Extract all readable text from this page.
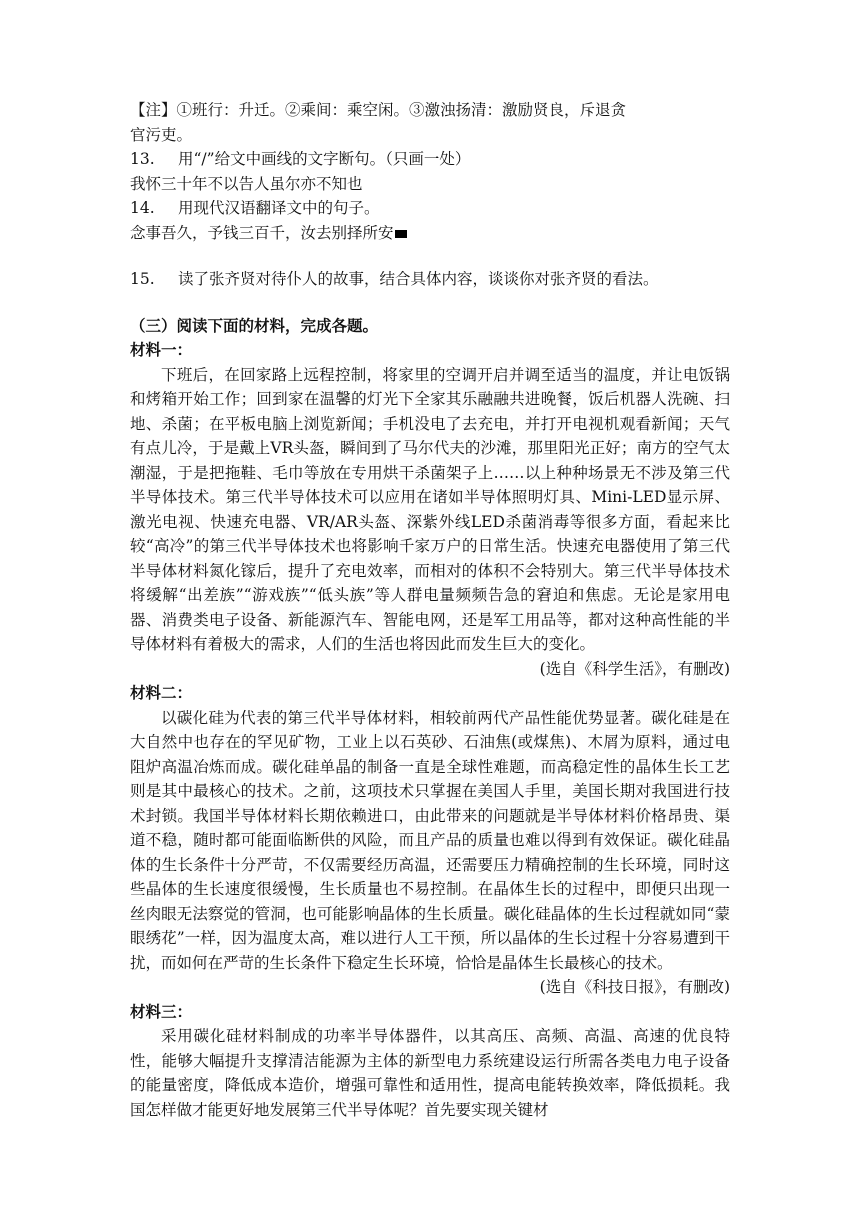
【注】①班行：升迁。②乘间：乘空闲。③激浊扬清：激励贤良，斥退贪

官污吏。

13. 用“/”给文中画线的文字断句。（只画一处）

我怀三十年不以告人虽尔亦不知也

14. 用现代汉语翻译文中的句子。

念事吾久，予钱三百千，汝去别择所安

15. 读了张齐贤对待仆人的故事，结合具体内容，谈谈你对张齐贤的看法。

（三）阅读下面的材料，完成各题。

材料一：

下班后，在回家路上远程控制，将家里的空调开启并调至适当的温度，并让电饭锅和烤箱开始工作；回到家在温馨的灯光下全家其乐融融共进晚餐，饭后机器人洗碗、扫地、杀菌；在平板电脑上浏览新闻；手机没电了去充电，并打开电视机观看新闻；天气有点儿冷，于是戴上VR头盔，瞬间到了马尔代夫的沙滩，那里阳光正好；南方的空气太潮湿，于是把拖鞋、毛巾等放在专用烘干杀菌架子上……以上种种场景无不涉及第三代半导体技术。第三代半导体技术可以应用在诸如半导体照明灯具、Mini-LED显示屏、激光电视、快速充电器、VR/AR头盔、深紫外线LED杀菌消毒等很多方面，看起来比较“高冷”的第三代半导体技术也将影响千家万户的日常生活。快速充电器使用了第三代半导体材料氮化镓后，提升了充电效率，而相对的体积不会特别大。第三代半导体技术将缓解“出差族”“游戏族”“低头族”等人群电量频频告急的窘迫和焦虑。无论是家用电器、消费类电子设备、新能源汽车、智能电网，还是军工用品等，都对这种高性能的半导体材料有着极大的需求，人们的生活也将因此而发生巨大的变化。

(选自《科学生活》，有删改)

材料二：

以碳化硅为代表的第三代半导体材料，相较前两代产品性能优势显著。碳化硅是在大自然中也存在的罕见矿物，工业上以石英砂、石油焦(或煤焦)、木屑为原料，通过电阻炉高温冶炼而成。碳化硅单晶的制备一直是全球性难题，而高稳定性的晶体生长工艺则是其中最核心的技术。之前，这项技术只掌握在美国人手里，美国长期对我国进行技术封锁。我国半导体材料长期依赖进口，由此带来的问题就是半导体材料价格昂贵、渠道不稳，随时都可能面临断供的风险，而且产品的质量也难以得到有效保证。碳化硅晶体的生长条件十分严苛，不仅需要经历高温，还需要压力精确控制的生长环境，同时这些晶体的生长速度很缓慢，生长质量也不易控制。在晶体生长的过程中，即便只出现一丝肉眼无法察觉的管洞，也可能影响晶体的生长质量。碳化硅晶体的生长过程就如同“蒙眼绣花”一样，因为温度太高，难以进行人工干预，所以晶体的生长过程十分容易遭到干扰，而如何在严苛的生长条件下稳定生长环境，恰恰是晶体生长最核心的技术。

(选自《科技日报》，有删改)

材料三：

采用碳化硅材料制成的功率半导体器件，以其高压、高频、高温、高速的优良特性，能够大幅提升支撑清洁能源为主体的新型电力系统建设运行所需各类电力电子设备的能量密度，降低成本造价，增强可靠性和适用性，提高电能转换效率，降低损耗。我国怎样做才能更好地发展第三代半导体呢？首先要实现关键材
